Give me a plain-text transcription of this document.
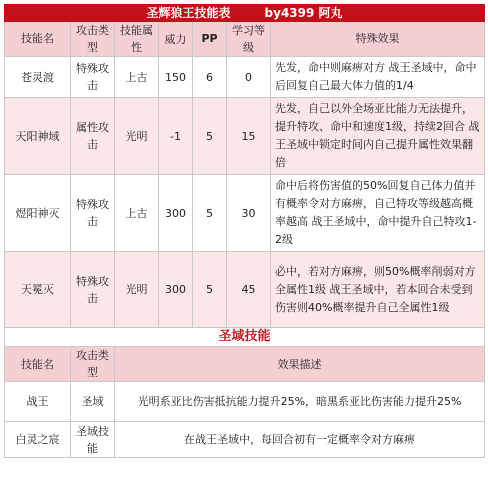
圣辉狼王技能表 by4399 阿丸						
技能名	攻击类型	技能属性	威力	PP	学习等级	特殊效果
苍灵渡	特殊攻击	上古	150	6	0	先发，命中则麻痹对方 战王圣域中，命中后回复自己最大体力值的1/4
天阳神域	属性攻击	光明	-1	5	15	先发，自己以外全场亚比能力无法提升，提升特攻、命中和速度1级，持续2回合 战王圣域中锁定时间内自己提升属性效果翻倍
煜阳神灭	特殊攻击	上古	300	5	30	命中后将伤害值的50%回复自己体力值并有概率令对方麻痹，自己特攻等级越高概率越高 战王圣域中，命中提升自己特攻1-2级
天冕灭	特殊攻击	光明	300	5	45	必中，若对方麻痹，则50%概率削弱对方全属性1级 战王圣域中，若本回合未受到伤害则40%概率提升自己全属性1级
圣域技能						
技能名	攻击类型	效果描述				
战王	圣域	光明系亚比伤害抵抗能力提升25%，暗黑系亚比伤害能力提升25%				
白灵之宸	圣域技能	在战王圣域中，每回合初有一定概率令对方麻痹				
